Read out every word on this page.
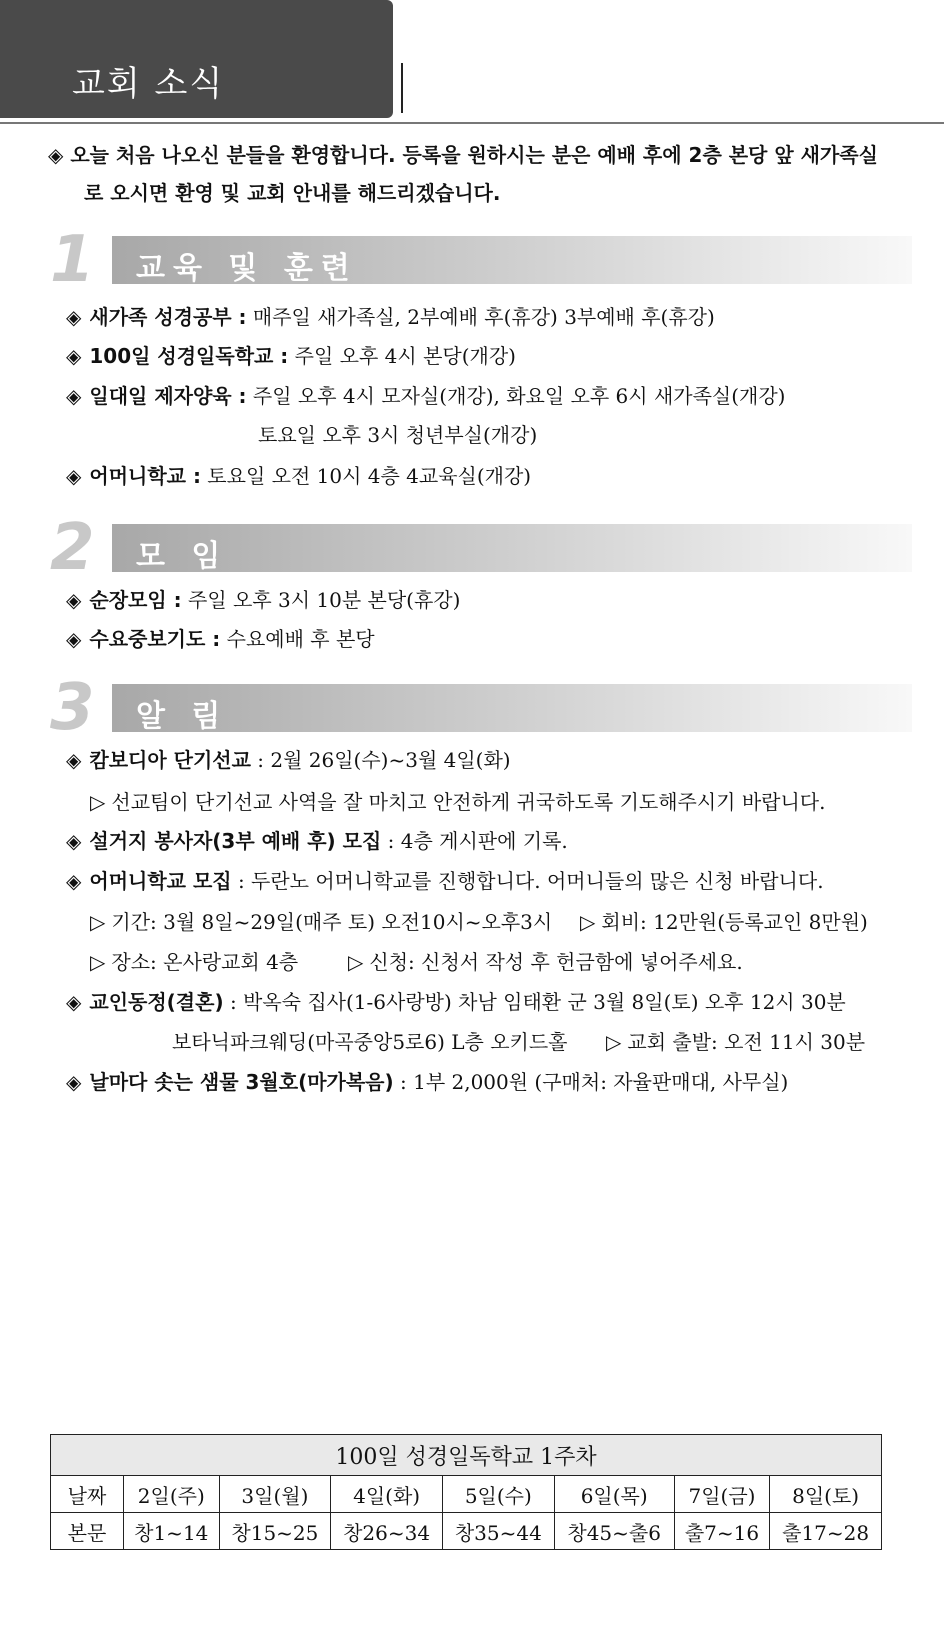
교회 소식
◈ 오늘 처음 나오신 분들을 환영합니다. 등록을 원하시는 분은 예배 후에 2층 본당 앞 새가족실
로 오시면 환영 및 교회 안내를 해드리겠습니다.
1	교육 및 훈련
◈ 새가족 성경공부 : 매주일 새가족실, 2부예배 후(휴강) 3부예배 후(휴강)
◈ 100일 성경일독학교 : 주일 오후 4시 본당(개강)
◈ 일대일 제자양육 : 주일 오후 4시 모자실(개강), 화요일 오후 6시 새가족실(개강)
토요일 오후 3시 청년부실(개강)
◈ 어머니학교 : 토요일 오전 10시 4층 4교육실(개강)
2	모 임
◈ 순장모임 : 주일 오후 3시 10분 본당(휴강)
◈ 수요중보기도 : 수요예배 후 본당
3	알 림
◈ 캄보디아 단기선교 : 2월 26일(수)~3월 4일(화)
▷ 선교팀이 단기선교 사역을 잘 마치고 안전하게 귀국하도록 기도해주시기 바랍니다.
◈ 설거지 봉사자(3부 예배 후) 모집 : 4층 게시판에 기록.
◈ 어머니학교 모집 : 두란노 어머니학교를 진행합니다. 어머니들의 많은 신청 바랍니다.
▷ 기간: 3월 8일~29일(매주 토) 오전10시~오후3시 ▷ 회비: 12만원(등록교인 8만원)
▷ 장소: 온사랑교회 4층 ▷ 신청: 신청서 작성 후 헌금함에 넣어주세요.
◈ 교인동정(결혼) : 박옥숙 집사(1-6사랑방) 차남 임태환 군 3월 8일(토) 오후 12시 30분
보타닉파크웨딩(마곡중앙5로6) L층 오키드홀 ▷ 교회 출발: 오전 11시 30분
◈ 날마다 솟는 샘물 3월호(마가복음) : 1부 2,000원 (구매처: 자율판매대, 사무실)
100일 성경일독학교 1주차							
날짜	2일(주)	3일(월)	4일(화)	5일(수)	6일(목)	7일(금)	8일(토)
본문	창1~14	창15~25	창26~34	창35~44	창45~출6	출7~16	출17~28
